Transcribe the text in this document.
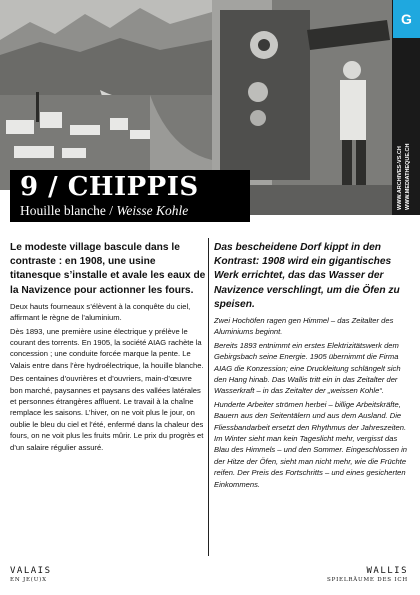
G
WWW.ARCHIVES-VS.CH WWW.MEDIATHEQUE.CH
9 / CHIPPIS
Houille blanche / Weisse Kohle

Le modeste village bascule dans le contraste : en 1908, une usine titanesque s’installe et avale les eaux de la Navizence pour actionner les fours.

Deux hauts fourneaux s’élèvent à la conquête du ciel, affirmant le règne de l’aluminium.

Dès 1893, une première usine électrique y prélève le courant des torrents. En 1905, la société AIAG rachète la concession ; une conduite forcée marque la pente. Le Valais entre dans l’ère hydroélectrique, la houille blanche.

Des centaines d’ouvrières et d’ouvriers, main-d’œuvre bon marché, paysannes et paysans des vallées latérales et personnes étrangères affluent. Le travail à la chaîne remplace les saisons. L’hiver, on ne voit plus le jour, on oublie le bleu du ciel et l’été, enfermé dans la chaleur des fours, on ne voit plus les fruits mûrir. Le prix du progrès et d’un salaire régulier assuré.

Das bescheidene Dorf kippt in den Kontrast: 1908 wird ein gigantisches Werk errichtet, das das Wasser der Navizence verschlingt, um die Öfen zu speisen.

Zwei Hochöfen ragen gen Himmel – das Zeitalter des Aluminiums beginnt.

Bereits 1893 entnimmt ein erstes Elektrizitätswerk dem Gebirgsbach seine Energie. 1905 übernimmt die Firma AIAG die Konzession; eine Druckleitung schlängelt sich den Hang hinab. Das Wallis tritt ein in das Zeitalter der Wasserkraft – in das Zeitalter der „weissen Kohle“.

Hunderte Arbeiter strömen herbei – billige Arbeitskräfte, Bauern aus den Seitentälern und aus dem Ausland. Die Fliessbandarbeit ersetzt den Rhythmus der Jahreszeiten. Im Winter sieht man kein Tageslicht mehr, vergisst das Blau des Himmels – und den Sommer. Eingeschlossen in der Hitze der Öfen, sieht man nicht mehr, wie die Früchte reifen. Der Preis des Fortschritts – und eines gesicherten Einkommens.

VALAIS
EN JE(U)X
WALLIS
SPIELRÄUME DES ICH
